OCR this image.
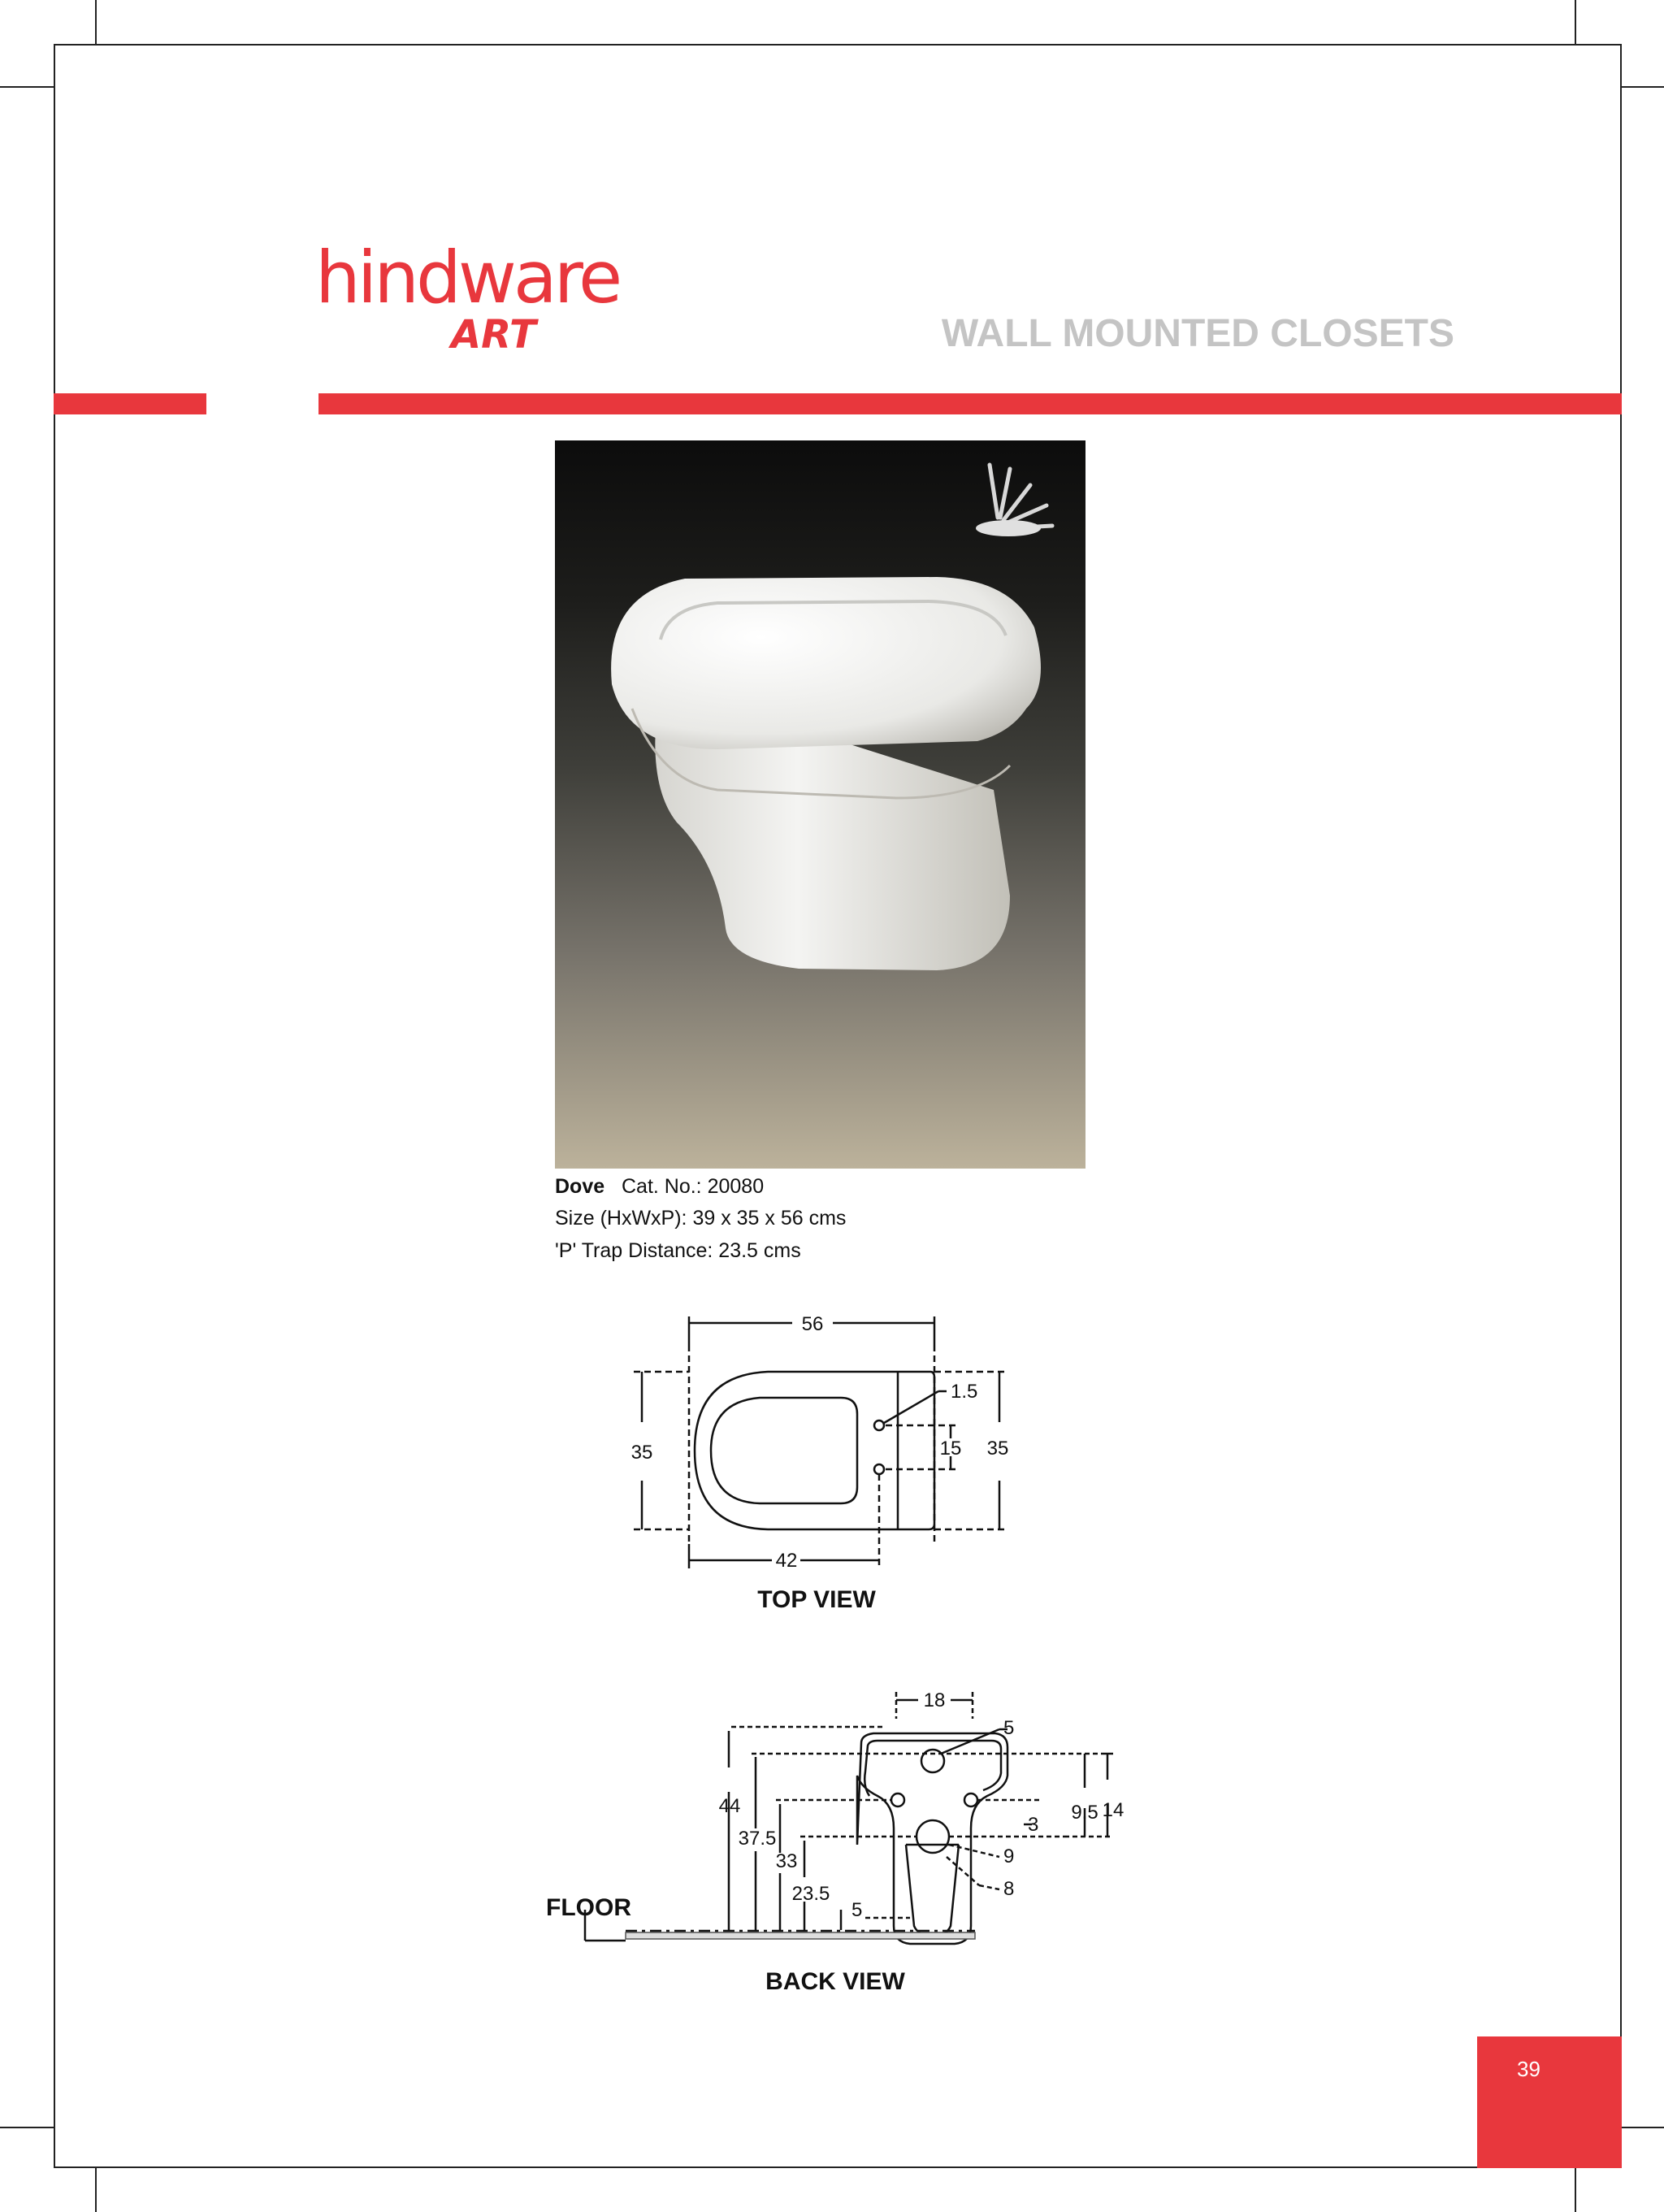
hindware
ART	WALL MOUNTED CLOSETS
Dove Cat. No.: 20080
Size (HxWxP): 39 x 35 x 56 cms
'P' Trap Distance: 23.5 cms
56
35
1.5
15 35
42
TOP VIEW
18
5
44
37.5
33
23.5
5
3
9.5 14
9
8
FLOOR
BACK VIEW
39
